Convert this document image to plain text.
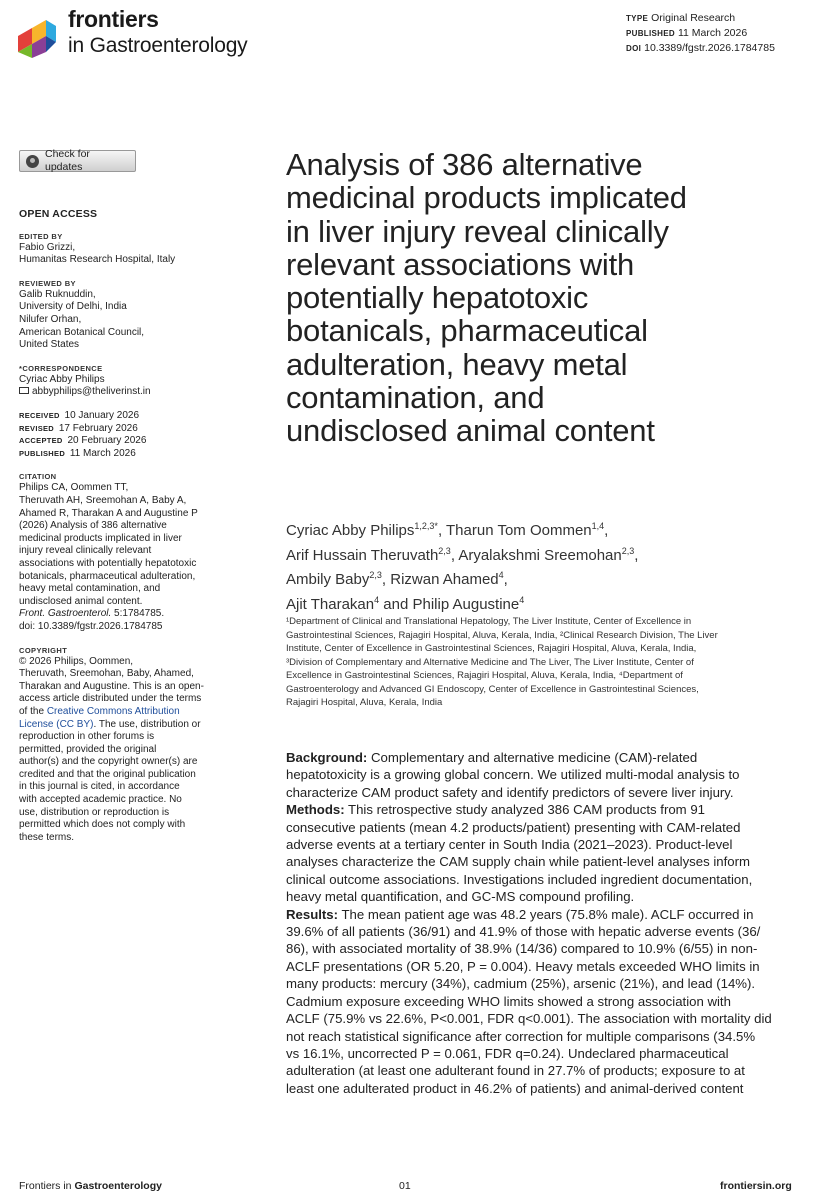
frontiers
in Gastroenterology
TYPE Original Research
PUBLISHED 11 March 2026
DOI 10.3389/fgstr.2026.1784785
Check for updates
OPEN ACCESS
EDITED BY
Fabio Grizzi,
Humanitas Research Hospital, Italy
REVIEWED BY
Galib Ruknuddin,
University of Delhi, India
Nilufer Orhan,
American Botanical Council,
United States
*CORRESPONDENCE
Cyriac Abby Philips
abbyphilips@theliverinst.in
RECEIVED 10 January 2026
REVISED 17 February 2026
ACCEPTED 20 February 2026
PUBLISHED 11 March 2026
CITATION
Philips CA, Oommen TT,
Theruvath AH, Sreemohan A, Baby A,
Ahamed R, Tharakan A and Augustine P
(2026) Analysis of 386 alternative
medicinal products implicated in liver
injury reveal clinically relevant
associations with potentially hepatotoxic
botanicals, pharmaceutical adulteration,
heavy metal contamination, and
undisclosed animal content.
Front. Gastroenterol. 5:1784785.
doi: 10.3389/fgstr.2026.1784785
COPYRIGHT
© 2026 Philips, Oommen,
Theruvath, Sreemohan, Baby, Ahamed,
Tharakan and Augustine. This is an open-
access article distributed under the terms
of the Creative Commons Attribution
License (CC BY). The use, distribution or
reproduction in other forums is
permitted, provided the original
author(s) and the copyright owner(s) are
credited and that the original publication
in this journal is cited, in accordance
with accepted academic practice. No
use, distribution or reproduction is
permitted which does not comply with
these terms.
Analysis of 386 alternative
medicinal products implicated
in liver injury reveal clinically
relevant associations with
potentially hepatotoxic
botanicals, pharmaceutical
adulteration, heavy metal
contamination, and
undisclosed animal content
Cyriac Abby Philips$^{1,2,3*}$, Tharun Tom Oommen$^{1,4}$,
Arif Hussain Theruvath$^{2,3}$, Aryalakshmi Sreemohan$^{2,3}$,
Ambily Baby$^{2,3}$, Rizwan Ahamed$^4$,
Ajit Tharakan$^4$ and Philip Augustine$^4$
¹Department of Clinical and Translational Hepatology, The Liver Institute, Center of Excellence in
Gastrointestinal Sciences, Rajagiri Hospital, Aluva, Kerala, India, ²Clinical Research Division, The Liver
Institute, Center of Excellence in Gastrointestinal Sciences, Rajagiri Hospital, Aluva, Kerala, India,
³Division of Complementary and Alternative Medicine and The Liver, The Liver Institute, Center of
Excellence in Gastrointestinal Sciences, Rajagiri Hospital, Aluva, Kerala, India, ⁴Department of
Gastroenterology and Advanced GI Endoscopy, Center of Excellence in Gastrointestinal Sciences,
Rajagiri Hospital, Aluva, Kerala, India
Background: Complementary and alternative medicine (CAM)-related
hepatotoxicity is a growing global concern. We utilized multi-modal analysis to
characterize CAM product safety and identify predictors of severe liver injury.
Methods: This retrospective study analyzed 386 CAM products from 91
consecutive patients (mean 4.2 products/patient) presenting with CAM-related
adverse events at a tertiary center in South India (2021–2023). Product-level
analyses characterize the CAM supply chain while patient-level analyses inform
clinical outcome associations. Investigations included ingredient documentation,
heavy metal quantification, and GC-MS compound profiling.
Results: The mean patient age was 48.2 years (75.8% male). ACLF occurred in
39.6% of all patients (36/91) and 41.9% of those with hepatic adverse events (36/
86), with associated mortality of 38.9% (14/36) compared to 10.9% (6/55) in non-
ACLF presentations (OR 5.20, P = 0.004). Heavy metals exceeded WHO limits in
many products: mercury (34%), cadmium (25%), arsenic (21%), and lead (14%).
Cadmium exposure exceeding WHO limits showed a strong association with
ACLF (75.9% vs 22.6%, P<0.001, FDR q<0.001). The association with mortality did
not reach statistical significance after correction for multiple comparisons (34.5%
vs 16.1%, uncorrected P = 0.061, FDR q=0.24). Undeclared pharmaceutical
adulteration (at least one adulterant found in 27.7% of products; exposure to at
least one adulterated product in 46.2% of patients) and animal-derived content
Frontiers in Gastroenterology	01	frontiersin.org
